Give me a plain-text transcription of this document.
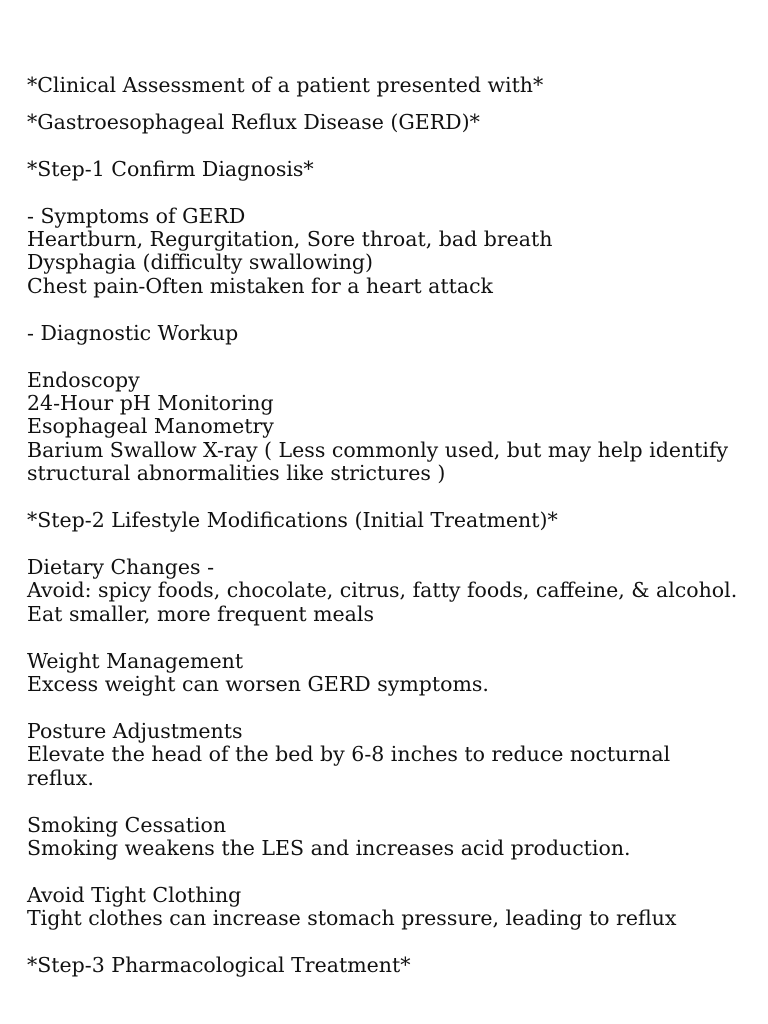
*Clinical Assessment of a patient presented with*
*Gastroesophageal Reflux Disease (GERD)*
*Step-1 Confirm Diagnosis*
- Symptoms of GERD
Heartburn, Regurgitation, Sore throat, bad breath
Dysphagia (difficulty swallowing)
Chest pain-Often mistaken for a heart attack
- Diagnostic Workup
Endoscopy
24-Hour pH Monitoring
Esophageal Manometry
Barium Swallow X-ray ( Less commonly used, but may help identify
structural abnormalities like strictures )
*Step-2 Lifestyle Modifications (Initial Treatment)*
Dietary Changes -
Avoid: spicy foods, chocolate, citrus, fatty foods, caffeine, & alcohol.
Eat smaller, more frequent meals
Weight Management
Excess weight can worsen GERD symptoms.
Posture Adjustments
Elevate the head of the bed by 6-8 inches to reduce nocturnal
reflux.
Smoking Cessation
Smoking weakens the LES and increases acid production.
Avoid Tight Clothing
Tight clothes can increase stomach pressure, leading to reflux
*Step-3 Pharmacological Treatment*
